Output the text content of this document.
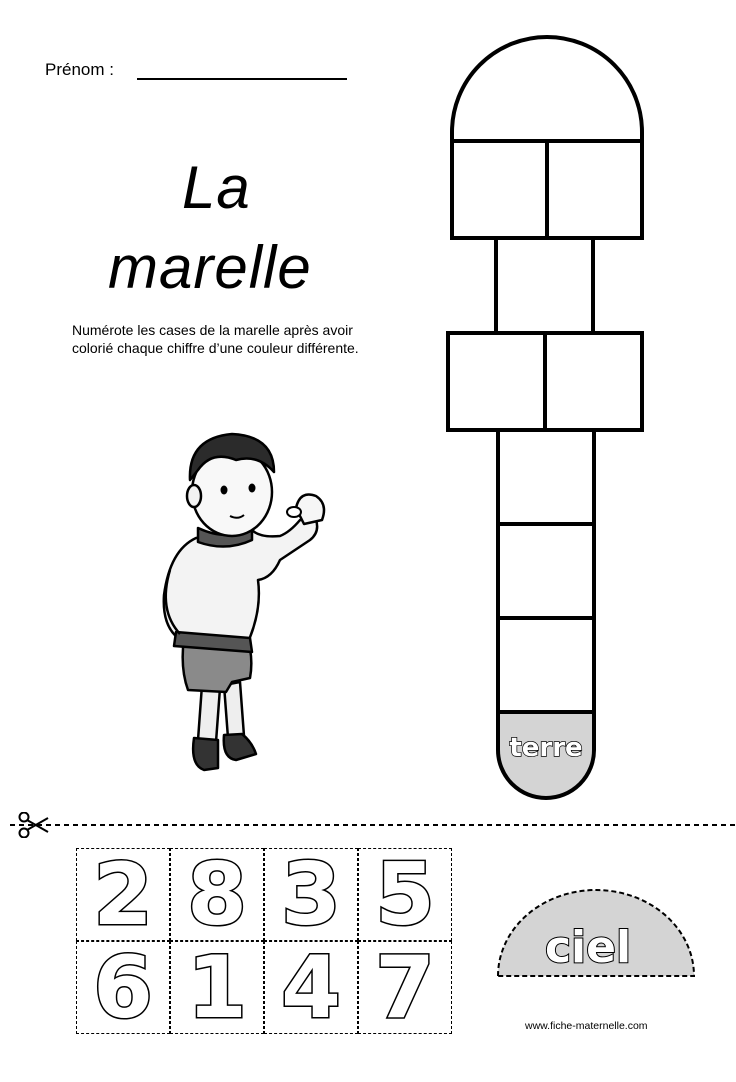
Prénom :
La
marelle
Numérote les cases de la marelle après avoir colorié chaque chiffre d’une couleur différente.
terre
2 8 3 5
6 1 4 7	ciel
www.fiche-maternelle.com
